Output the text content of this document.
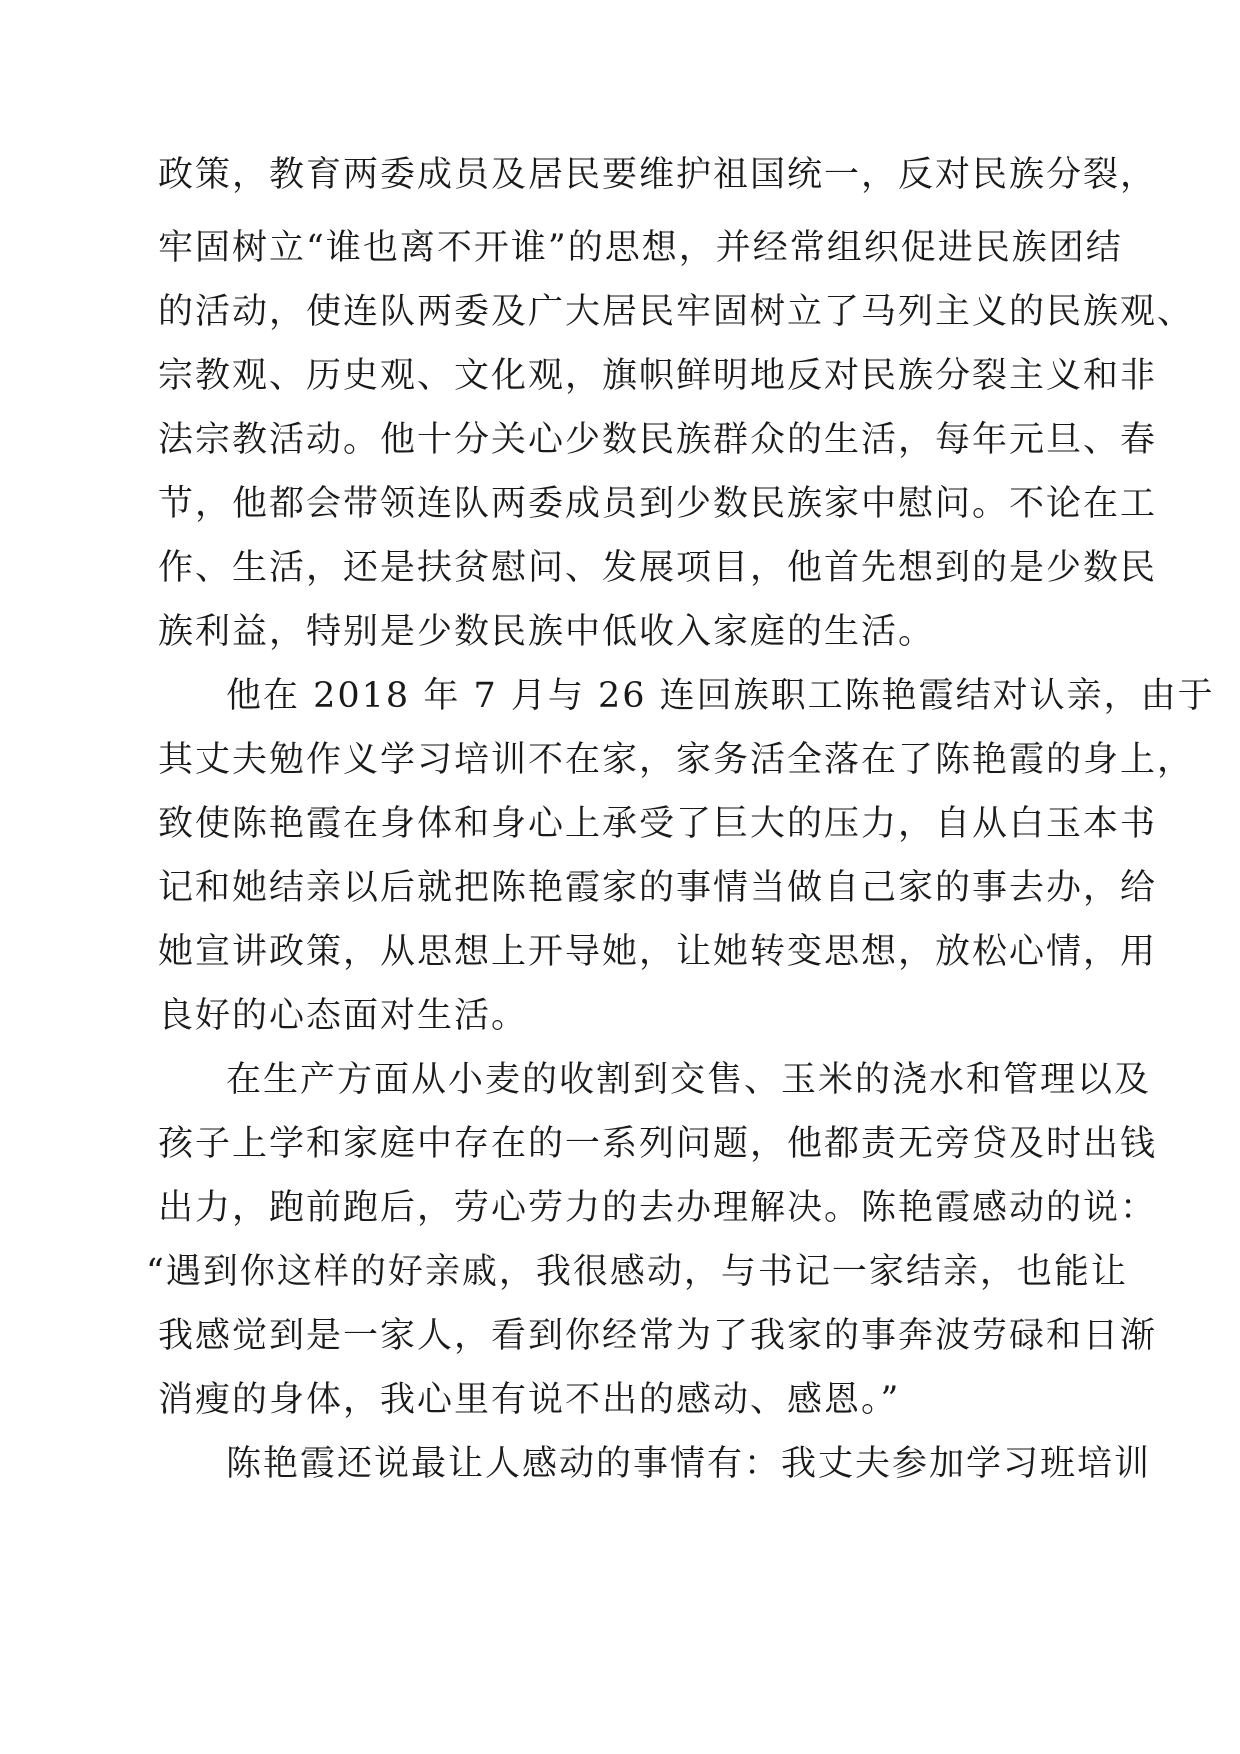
政策，教育两委成员及居民要维护祖国统一，反对民族分裂，
牢固树立“谁也离不开谁”的思想，并经常组织促进民族团结
的活动，使连队两委及广大居民牢固树立了马列主义的民族观、
宗教观、历史观、文化观，旗帜鲜明地反对民族分裂主义和非
法宗教活动。他十分关心少数民族群众的生活，每年元旦、春
节，他都会带领连队两委成员到少数民族家中慰问。不论在工
作、生活，还是扶贫慰问、发展项目，他首先想到的是少数民
族利益，特别是少数民族中低收入家庭的生活。
他在 2018 年 7 月与 26 连回族职工陈艳霞结对认亲，由于
其丈夫勉作义学习培训不在家，家务活全落在了陈艳霞的身上，
致使陈艳霞在身体和身心上承受了巨大的压力，自从白玉本书
记和她结亲以后就把陈艳霞家的事情当做自己家的事去办，给
她宣讲政策，从思想上开导她，让她转变思想，放松心情，用
良好的心态面对生活。
在生产方面从小麦的收割到交售、玉米的浇水和管理以及
孩子上学和家庭中存在的一系列问题，他都责无旁贷及时出钱
出力，跑前跑后，劳心劳力的去办理解决。陈艳霞感动的说：
“遇到你这样的好亲戚，我很感动，与书记一家结亲，也能让
我感觉到是一家人，看到你经常为了我家的事奔波劳碌和日渐
消瘦的身体，我心里有说不出的感动、感恩。”
陈艳霞还说最让人感动的事情有：我丈夫参加学习班培训
